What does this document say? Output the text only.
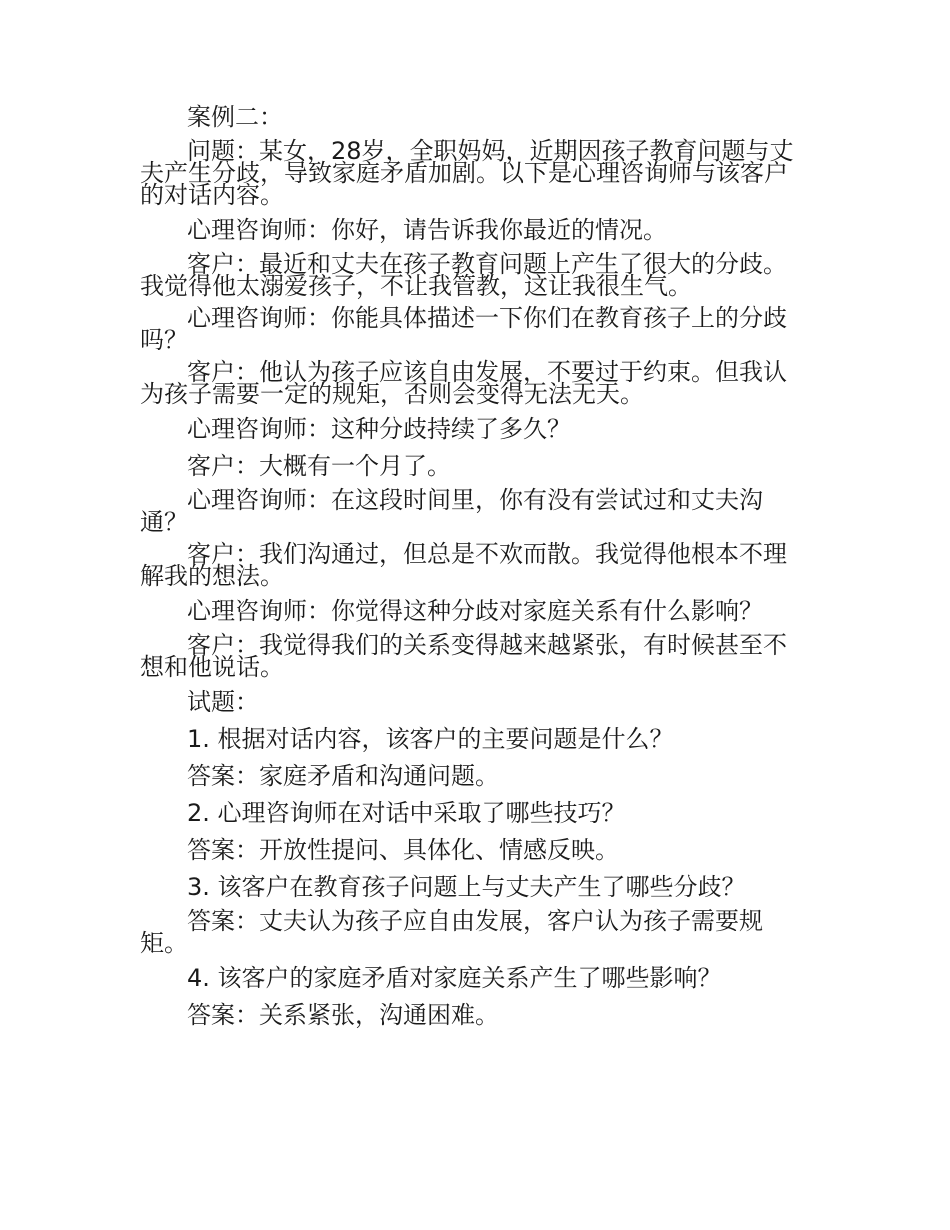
案例二：

问题：某女，28岁，全职妈妈，近期因孩子教育问题与丈夫产生分歧，导致家庭矛盾加剧。以下是心理咨询师与该客户的对话内容。

心理咨询师：你好，请告诉我你最近的情况。

客户：最近和丈夫在孩子教育问题上产生了很大的分歧。我觉得他太溺爱孩子，不让我管教，这让我很生气。

心理咨询师：你能具体描述一下你们在教育孩子上的分歧吗？

客户：他认为孩子应该自由发展，不要过于约束。但我认为孩子需要一定的规矩，否则会变得无法无天。

心理咨询师：这种分歧持续了多久？

客户：大概有一个月了。

心理咨询师：在这段时间里，你有没有尝试过和丈夫沟通？

客户：我们沟通过，但总是不欢而散。我觉得他根本不理解我的想法。

心理咨询师：你觉得这种分歧对家庭关系有什么影响？

客户：我觉得我们的关系变得越来越紧张，有时候甚至不想和他说话。

试题：

1. 根据对话内容，该客户的主要问题是什么？

答案：家庭矛盾和沟通问题。

2. 心理咨询师在对话中采取了哪些技巧？

答案：开放性提问、具体化、情感反映。

3. 该客户在教育孩子问题上与丈夫产生了哪些分歧？

答案：丈夫认为孩子应自由发展，客户认为孩子需要规矩。

4. 该客户的家庭矛盾对家庭关系产生了哪些影响？

答案：关系紧张，沟通困难。
